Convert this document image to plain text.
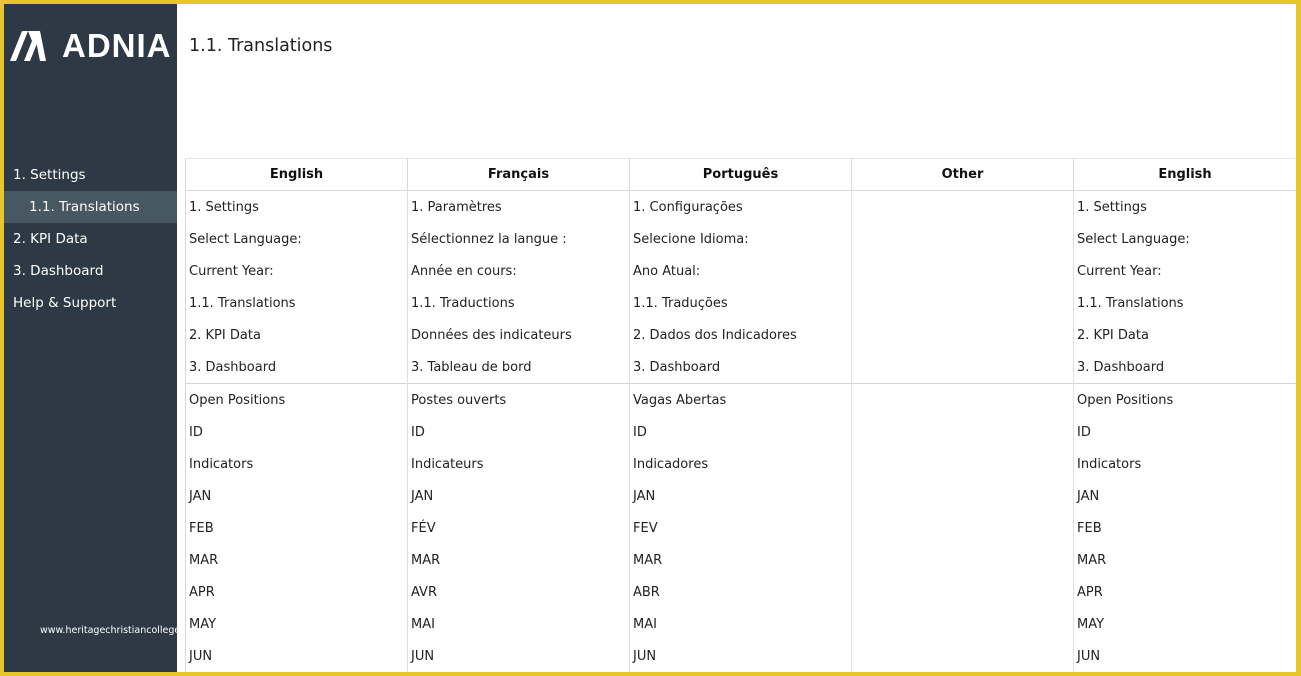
ADNIA
1. Settings
1.1. Translations
2. KPI Data
3. Dashboard
Help & Support
www.heritagechristiancollege
1.1. Translations
English	Français	Português	Other	English
1. Settings	1. Paramètres	1. Configurações		1. Settings
Select Language:	Sélectionnez la langue :	Selecione Idioma:		Select Language:
Current Year:	Année en cours:	Ano Atual:		Current Year:
1.1. Translations	1.1. Traductions	1.1. Traduções		1.1. Translations
2. KPI Data	Données des indicateurs	2. Dados dos Indicadores		2. KPI Data
3. Dashboard	3. Tableau de bord	3. Dashboard		3. Dashboard
Open Positions	Postes ouverts	Vagas Abertas		Open Positions
ID	ID	ID		ID
Indicators	Indicateurs	Indicadores		Indicators
JAN	JAN	JAN		JAN
FEB	FÉV	FEV		FEB
MAR	MAR	MAR		MAR
APR	AVR	ABR		APR
MAY	MAI	MAI		MAY
JUN	JUN	JUN		JUN
